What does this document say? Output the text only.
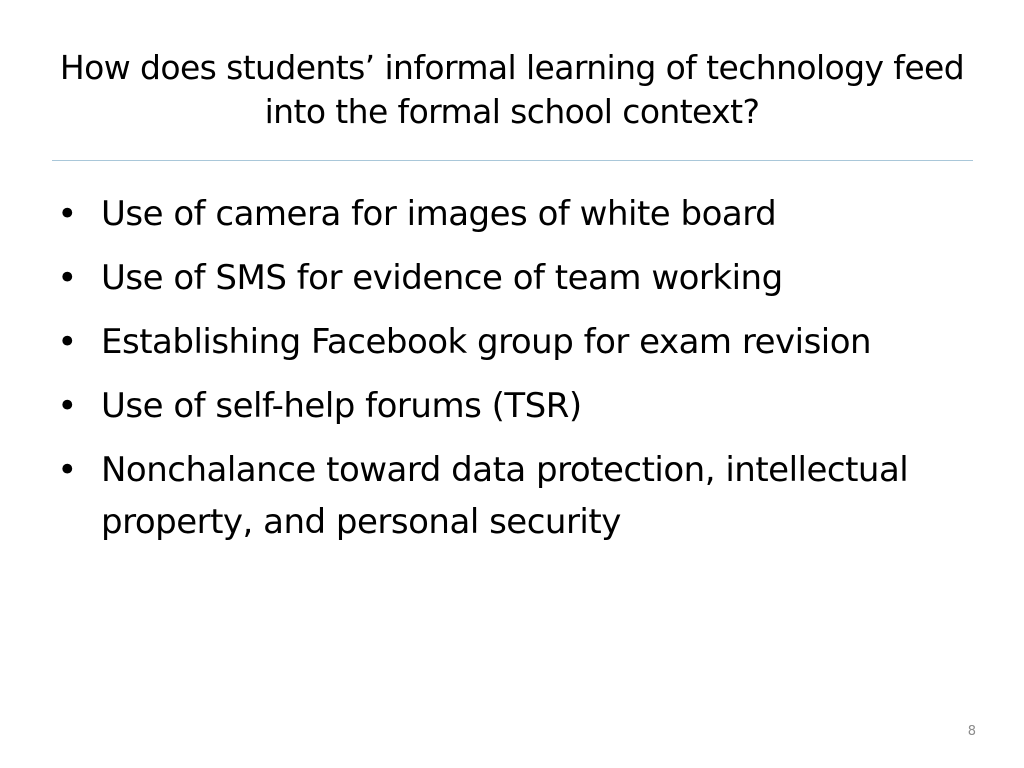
How does students’ informal learning of technology feed into the formal school context?
• Use of camera for images of white board
• Use of SMS for evidence of team working
• Establishing Facebook group for exam revision
• Use of self-help forums (TSR)
• Nonchalance toward data protection, intellectual property, and personal security
8
